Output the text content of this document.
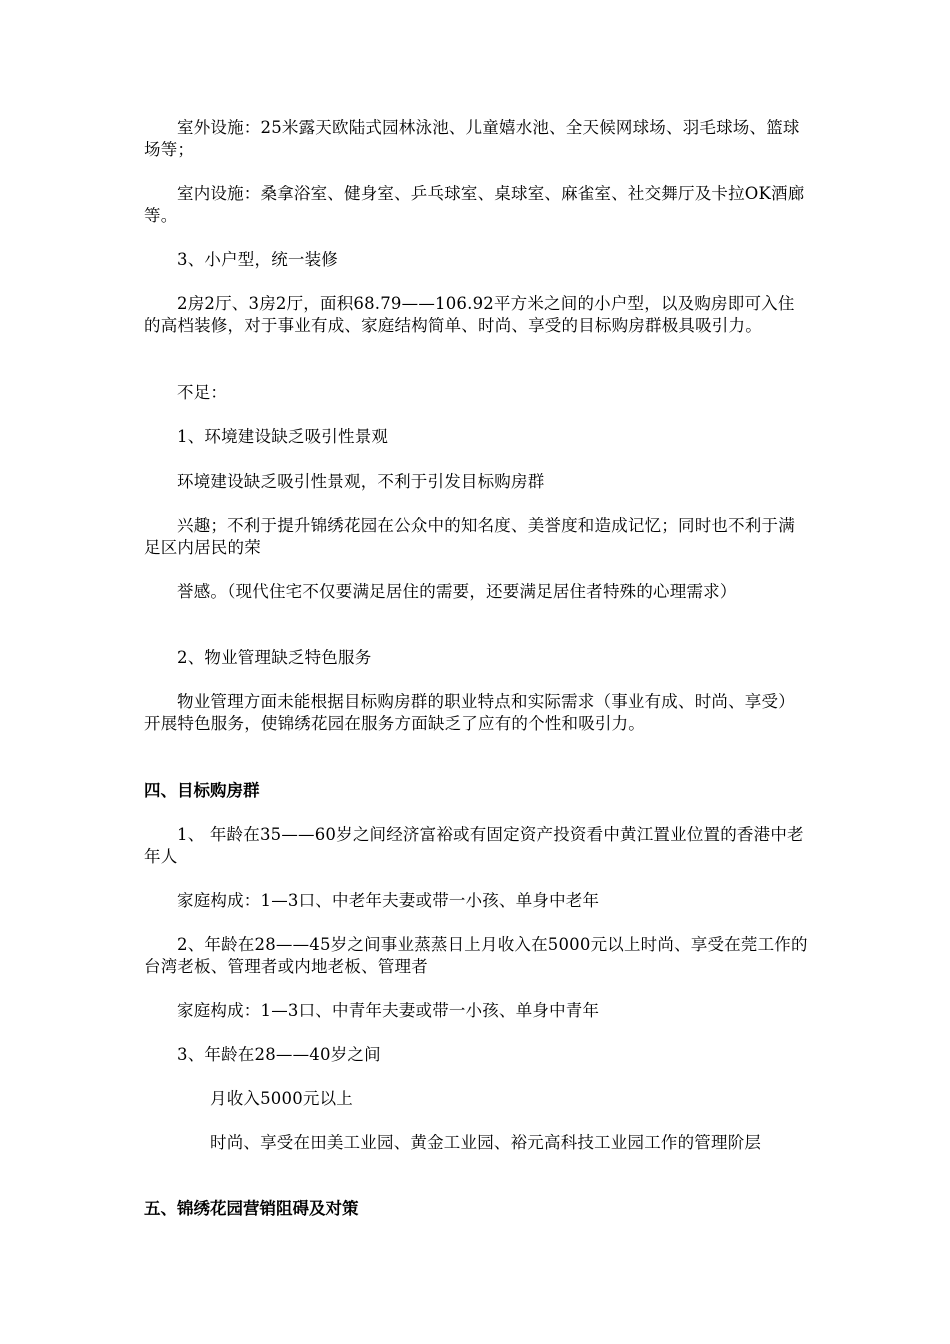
室外设施：25米露天欧陆式园林泳池、儿童嬉水池、全天候网球场、羽毛球场、篮球场等；
室内设施：桑拿浴室、健身室、乒乓球室、桌球室、麻雀室、社交舞厅及卡拉OK酒廊等。
3、小户型，统一装修
2房2厅、3房2厅，面积68.79——106.92平方米之间的小户型，以及购房即可入住的高档装修，对于事业有成、家庭结构简单、时尚、享受的目标购房群极具吸引力。
不足：
1、环境建设缺乏吸引性景观
环境建设缺乏吸引性景观，不利于引发目标购房群
兴趣；不利于提升锦绣花园在公众中的知名度、美誉度和造成记忆；同时也不利于满足区内居民的荣
誉感。（现代住宅不仅要满足居住的需要，还要满足居住者特殊的心理需求）
2、物业管理缺乏特色服务
物业管理方面未能根据目标购房群的职业特点和实际需求（事业有成、时尚、享受）开展特色服务，使锦绣花园在服务方面缺乏了应有的个性和吸引力。
四、目标购房群
1、 年龄在35——60岁之间经济富裕或有固定资产投资看中黄江置业位置的香港中老年人
家庭构成：1—3口、中老年夫妻或带一小孩、单身中老年
2、年龄在28——45岁之间事业蒸蒸日上月收入在5000元以上时尚、享受在莞工作的台湾老板、管理者或内地老板、管理者
家庭构成：1—3口、中青年夫妻或带一小孩、单身中青年
3、年龄在28——40岁之间
月收入5000元以上
时尚、享受在田美工业园、黄金工业园、裕元高科技工业园工作的管理阶层
五、锦绣花园营销阻碍及对策
